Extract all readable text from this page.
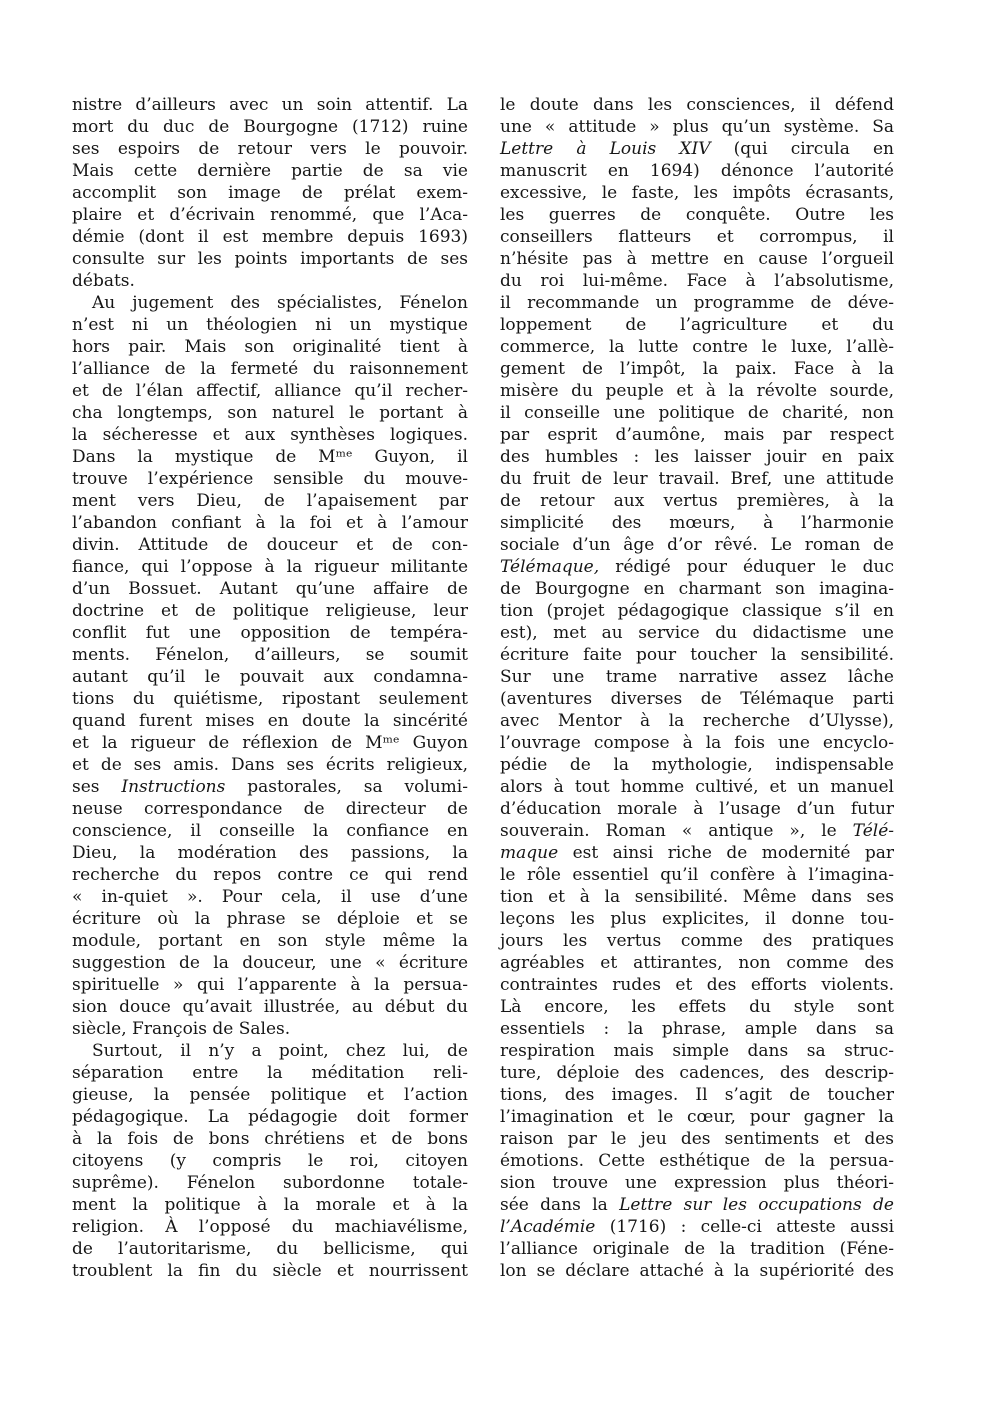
nistre d’ailleurs avec un soin attentif. La
mort du duc de Bourgogne (1712) ruine
ses espoirs de retour vers le pouvoir.
Mais cette dernière partie de sa vie
accomplit son image de prélat exem-
plaire et d’écrivain renommé, que l’Aca-
démie (dont il est membre depuis 1693)
consulte sur les points importants de ses
débats.
Au jugement des spécialistes, Fénelon
n’est ni un théologien ni un mystique
hors pair. Mais son originalité tient à
l’alliance de la fermeté du raisonnement
et de l’élan affectif, alliance qu’il recher-
cha longtemps, son naturel le portant à
la sécheresse et aux synthèses logiques.
Dans la mystique de Mᵐᵉ Guyon, il
trouve l’expérience sensible du mouve-
ment vers Dieu, de l’apaisement par
l’abandon confiant à la foi et à l’amour
divin. Attitude de douceur et de con-
fiance, qui l’oppose à la rigueur militante
d’un Bossuet. Autant qu’une affaire de
doctrine et de politique religieuse, leur
conflit fut une opposition de tempéra-
ments. Fénelon, d’ailleurs, se soumit
autant qu’il le pouvait aux condamna-
tions du quiétisme, ripostant seulement
quand furent mises en doute la sincérité
et la rigueur de réflexion de Mᵐᵉ Guyon
et de ses amis. Dans ses écrits religieux,
ses Instructions pastorales, sa volumi-
neuse correspondance de directeur de
conscience, il conseille la confiance en
Dieu, la modération des passions, la
recherche du repos contre ce qui rend
« in-quiet ». Pour cela, il use d’une
écriture où la phrase se déploie et se
module, portant en son style même la
suggestion de la douceur, une « écriture
spirituelle » qui l’apparente à la persua-
sion douce qu’avait illustrée, au début du
siècle, François de Sales.
Surtout, il n’y a point, chez lui, de
séparation entre la méditation reli-
gieuse, la pensée politique et l’action
pédagogique. La pédagogie doit former
à la fois de bons chrétiens et de bons
citoyens (y compris le roi, citoyen
suprême). Fénelon subordonne totale-
ment la politique à la morale et à la
religion. À l’opposé du machiavélisme,
de l’autoritarisme, du bellicisme, qui
troublent la fin du siècle et nourrissent
le doute dans les consciences, il défend
une « attitude » plus qu’un système. Sa
Lettre à Louis XIV (qui circula en
manuscrit en 1694) dénonce l’autorité
excessive, le faste, les impôts écrasants,
les guerres de conquête. Outre les
conseillers flatteurs et corrompus, il
n’hésite pas à mettre en cause l’orgueil
du roi lui-même. Face à l’absolutisme,
il recommande un programme de déve-
loppement de l’agriculture et du
commerce, la lutte contre le luxe, l’allè-
gement de l’impôt, la paix. Face à la
misère du peuple et à la révolte sourde,
il conseille une politique de charité, non
par esprit d’aumône, mais par respect
des humbles : les laisser jouir en paix
du fruit de leur travail. Bref, une attitude
de retour aux vertus premières, à la
simplicité des mœurs, à l’harmonie
sociale d’un âge d’or rêvé. Le roman de
Télémaque, rédigé pour éduquer le duc
de Bourgogne en charmant son imagina-
tion (projet pédagogique classique s’il en
est), met au service du didactisme une
écriture faite pour toucher la sensibilité.
Sur une trame narrative assez lâche
(aventures diverses de Télémaque parti
avec Mentor à la recherche d’Ulysse),
l’ouvrage compose à la fois une encyclo-
pédie de la mythologie, indispensable
alors à tout homme cultivé, et un manuel
d’éducation morale à l’usage d’un futur
souverain. Roman « antique », le Télé-
maque est ainsi riche de modernité par
le rôle essentiel qu’il confère à l’imagina-
tion et à la sensibilité. Même dans ses
leçons les plus explicites, il donne tou-
jours les vertus comme des pratiques
agréables et attirantes, non comme des
contraintes rudes et des efforts violents.
Là encore, les effets du style sont
essentiels : la phrase, ample dans sa
respiration mais simple dans sa struc-
ture, déploie des cadences, des descrip-
tions, des images. Il s’agit de toucher
l’imagination et le cœur, pour gagner la
raison par le jeu des sentiments et des
émotions. Cette esthétique de la persua-
sion trouve une expression plus théori-
sée dans la Lettre sur les occupations de
l’Académie (1716) : celle-ci atteste aussi
l’alliance originale de la tradition (Féne-
lon se déclare attaché à la supériorité des
